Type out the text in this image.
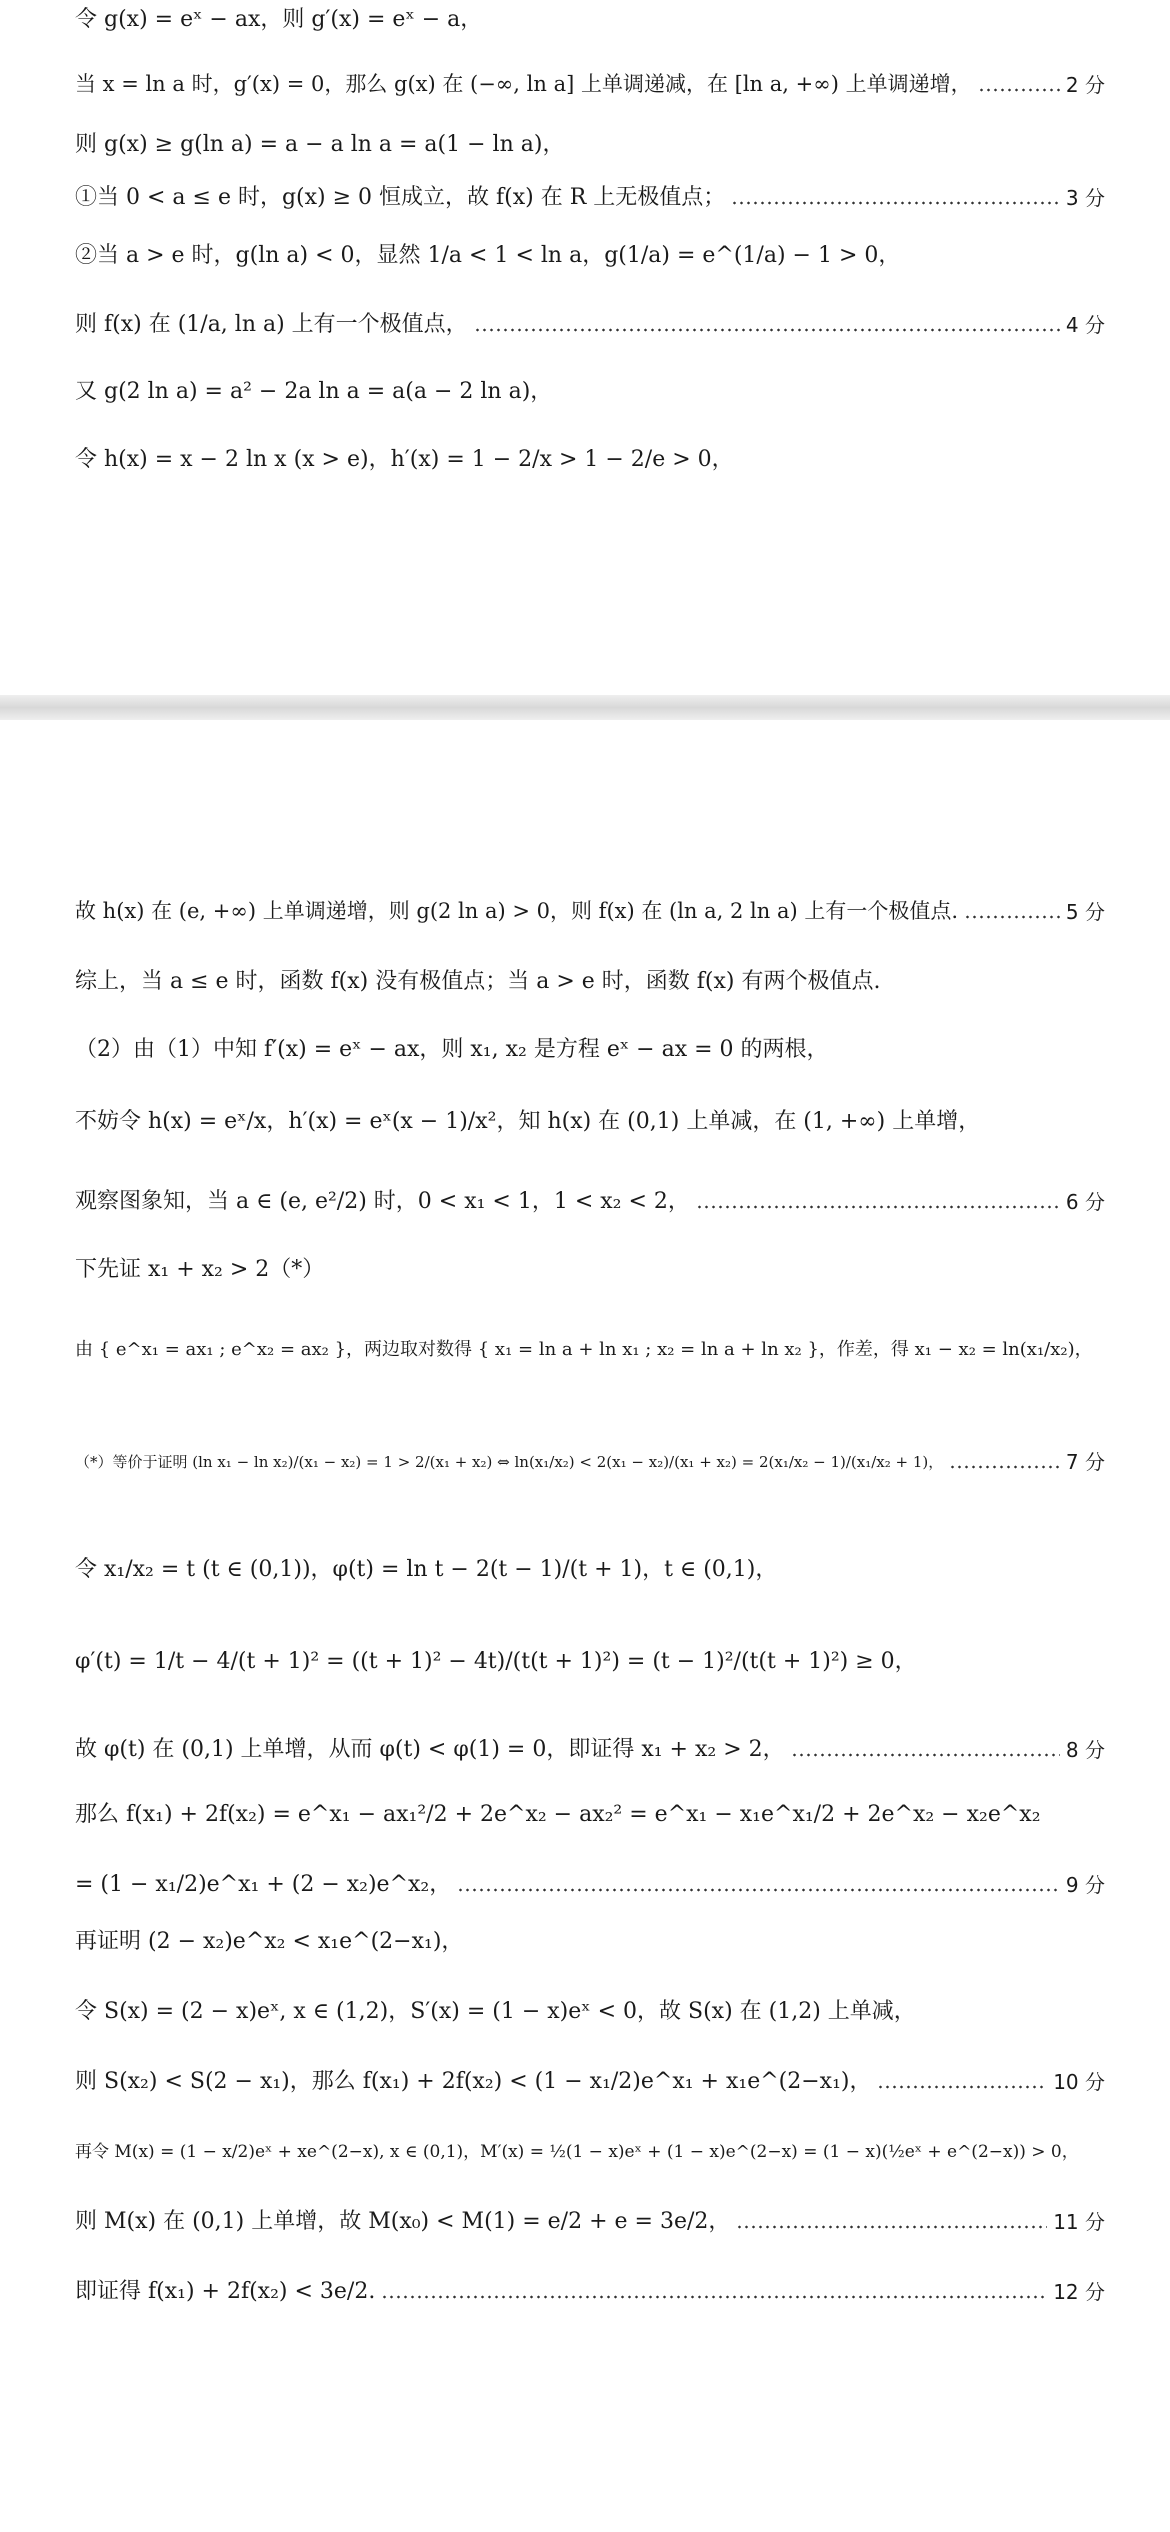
令 g(x) = eˣ − ax，则 g′(x) = eˣ − a，
当 x = ln a 时，g′(x) = 0，那么 g(x) 在 (−∞, ln a] 上单调递减，在 [ln a, +∞) 上单调递增，	2 分
则 g(x) ≥ g(ln a) = a − a ln a = a(1 − ln a)，
①当 0 < a ≤ e 时，g(x) ≥ 0 恒成立，故 f(x) 在 R 上无极值点；	3 分
②当 a > e 时，g(ln a) < 0，显然 1/a < 1 < ln a，g(1/a) = e^(1/a) − 1 > 0，
则 f(x) 在 (1/a, ln a) 上有一个极值点，	4 分
又 g(2 ln a) = a² − 2a ln a = a(a − 2 ln a)，
令 h(x) = x − 2 ln x (x > e)，h′(x) = 1 − 2/x > 1 − 2/e > 0，
故 h(x) 在 (e, +∞) 上单调递增，则 g(2 ln a) > 0，则 f(x) 在 (ln a, 2 ln a) 上有一个极值点.	5 分
综上，当 a ≤ e 时，函数 f(x) 没有极值点；当 a > e 时，函数 f(x) 有两个极值点.
（2）由（1）中知 f′(x) = eˣ − ax，则 x₁, x₂ 是方程 eˣ − ax = 0 的两根，
不妨令 h(x) = eˣ/x，h′(x) = eˣ(x − 1)/x²，知 h(x) 在 (0,1) 上单减，在 (1, +∞) 上单增，
观察图象知，当 a ∈ (e, e²/2) 时，0 < x₁ < 1，1 < x₂ < 2，	6 分
下先证 x₁ + x₂ > 2（*）
由 { e^x₁ = ax₁ ; e^x₂ = ax₂ }，两边取对数得 { x₁ = ln a + ln x₁ ; x₂ = ln a + ln x₂ }，作差，得 x₁ − x₂ = ln(x₁/x₂)，
（*）等价于证明 (ln x₁ − ln x₂)/(x₁ − x₂) = 1 > 2/(x₁ + x₂) ⇔ ln(x₁/x₂) < 2(x₁ − x₂)/(x₁ + x₂) = 2(x₁/x₂ − 1)/(x₁/x₂ + 1)，	7 分
令 x₁/x₂ = t (t ∈ (0,1))，φ(t) = ln t − 2(t − 1)/(t + 1)，t ∈ (0,1)，
φ′(t) = 1/t − 4/(t + 1)² = ((t + 1)² − 4t)/(t(t + 1)²) = (t − 1)²/(t(t + 1)²) ≥ 0，
故 φ(t) 在 (0,1) 上单增，从而 φ(t) < φ(1) = 0，即证得 x₁ + x₂ > 2，	8 分
那么 f(x₁) + 2f(x₂) = e^x₁ − ax₁²/2 + 2e^x₂ − ax₂² = e^x₁ − x₁e^x₁/2 + 2e^x₂ − x₂e^x₂
= (1 − x₁/2)e^x₁ + (2 − x₂)e^x₂，	9 分
再证明 (2 − x₂)e^x₂ < x₁e^(2−x₁)，
令 S(x) = (2 − x)eˣ, x ∈ (1,2)，S′(x) = (1 − x)eˣ < 0，故 S(x) 在 (1,2) 上单减，
则 S(x₂) < S(2 − x₁)，那么 f(x₁) + 2f(x₂) < (1 − x₁/2)e^x₁ + x₁e^(2−x₁)，	10 分
再令 M(x) = (1 − x/2)eˣ + xe^(2−x), x ∈ (0,1)，M′(x) = ½(1 − x)eˣ + (1 − x)e^(2−x) = (1 − x)(½eˣ + e^(2−x)) > 0，
则 M(x) 在 (0,1) 上单增，故 M(x₀) < M(1) = e/2 + e = 3e/2，	11 分
即证得 f(x₁) + 2f(x₂) < 3e/2.	12 分
